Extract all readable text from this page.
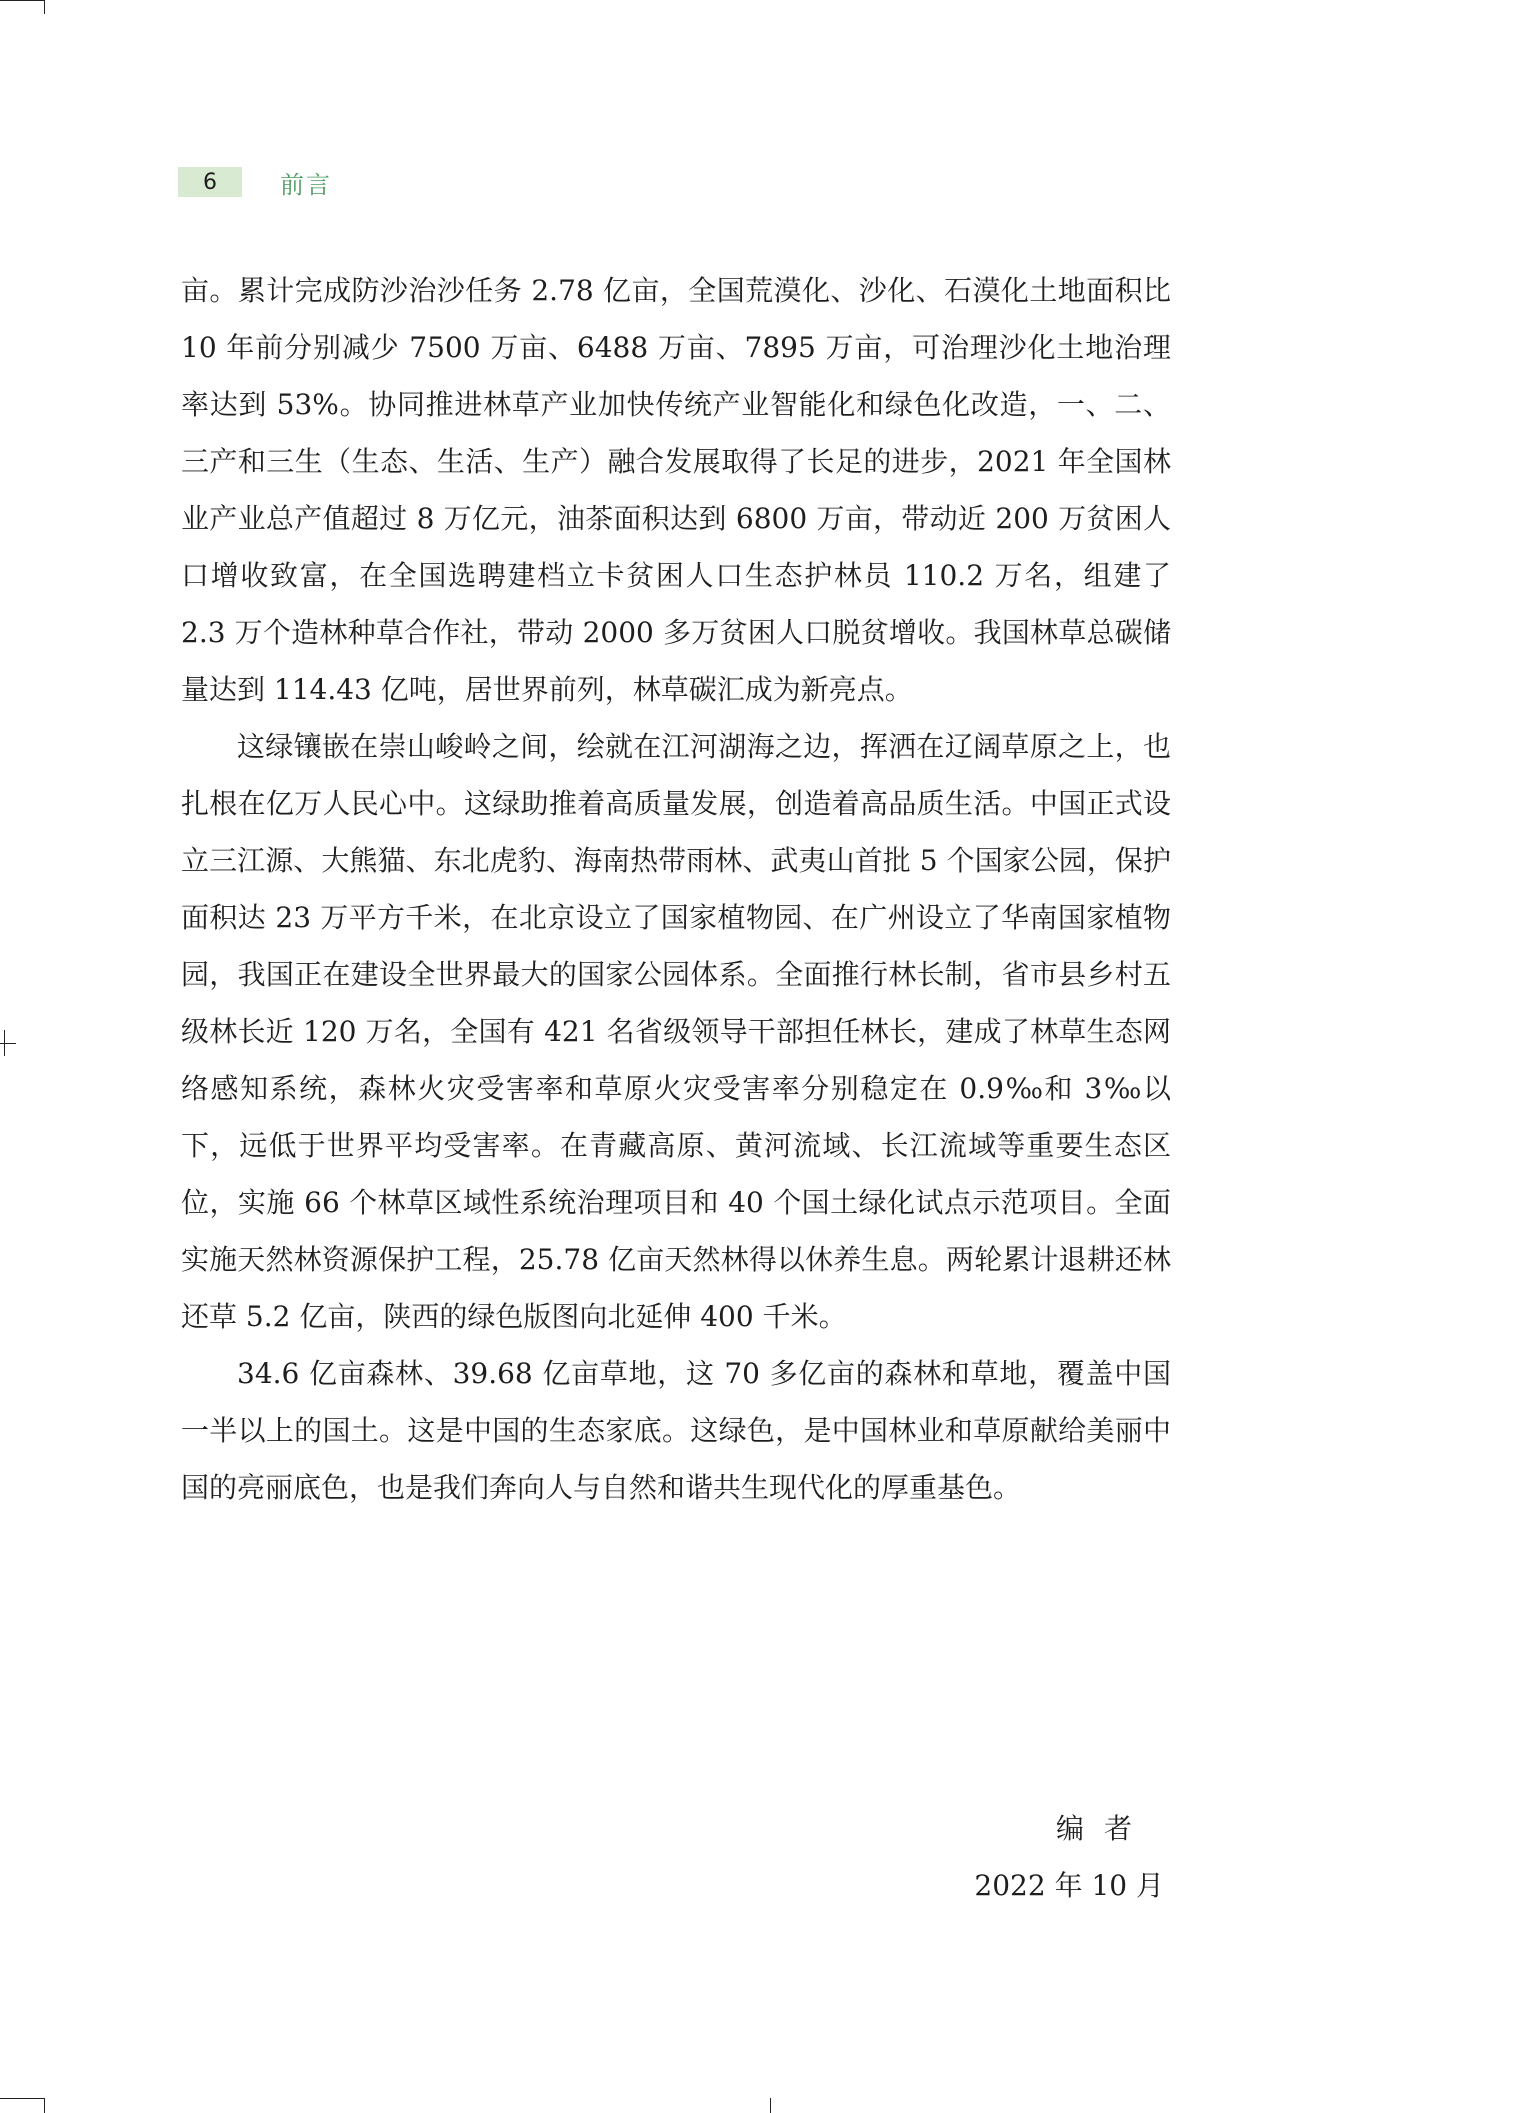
6	前言

亩。累计完成防沙治沙任务 2.78 亿亩，全国荒漠化、沙化、石漠化土地面积比 10 年前分别减少 7500 万亩、6488 万亩、7895 万亩，可治理沙化土地治理率达到 53%。协同推进林草产业加快传统产业智能化和绿色化改造，一、二、三产和三生（生态、生活、生产）融合发展取得了长足的进步，2021 年全国林业产业总产值超过 8 万亿元，油茶面积达到 6800 万亩，带动近 200 万贫困人口增收致富，在全国选聘建档立卡贫困人口生态护林员 110.2 万名，组建了 2.3 万个造林种草合作社，带动 2000 多万贫困人口脱贫增收。我国林草总碳储量达到 114.43 亿吨，居世界前列，林草碳汇成为新亮点。

这绿镶嵌在崇山峻岭之间，绘就在江河湖海之边，挥洒在辽阔草原之上，也扎根在亿万人民心中。这绿助推着高质量发展，创造着高品质生活。中国正式设立三江源、大熊猫、东北虎豹、海南热带雨林、武夷山首批 5 个国家公园，保护面积达 23 万平方千米，在北京设立了国家植物园、在广州设立了华南国家植物园，我国正在建设全世界最大的国家公园体系。全面推行林长制，省市县乡村五级林长近 120 万名，全国有 421 名省级领导干部担任林长，建成了林草生态网络感知系统，森林火灾受害率和草原火灾受害率分别稳定在 0.9‰和 3‰以下，远低于世界平均受害率。在青藏高原、黄河流域、长江流域等重要生态区位，实施 66 个林草区域性系统治理项目和 40 个国土绿化试点示范项目。全面实施天然林资源保护工程，25.78 亿亩天然林得以休养生息。两轮累计退耕还林还草 5.2 亿亩，陕西的绿色版图向北延伸 400 千米。

34.6 亿亩森林、39.68 亿亩草地，这 70 多亿亩的森林和草地，覆盖中国一半以上的国土。这是中国的生态家底。这绿色，是中国林业和草原献给美丽中国的亮丽底色，也是我们奔向人与自然和谐共生现代化的厚重基色。

编者
2022 年 10 月
